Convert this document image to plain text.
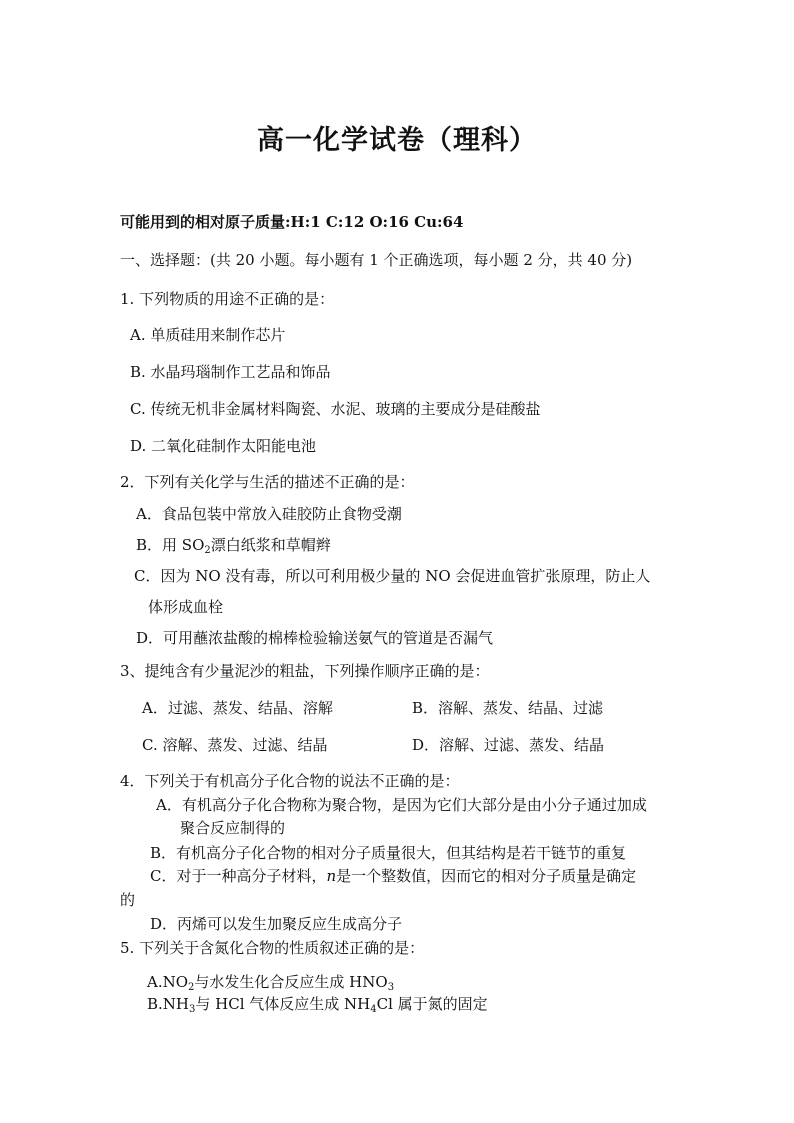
高一化学试卷（理科）
可能用到的相对原子质量:H:1 C:12 O:16 Cu:64
一、选择题：(共 20 小题。每小题有 1 个正确选项，每小题 2 分，共 40 分)
1. 下列物质的用途不正确的是：
A. 单质硅用来制作芯片
B. 水晶玛瑙制作工艺品和饰品
C. 传统无机非金属材料陶瓷、水泥、玻璃的主要成分是硅酸盐
D. 二氧化硅制作太阳能电池
2．下列有关化学与生活的描述不正确的是：
A．食品包装中常放入硅胶防止食物受潮
B．用 $SO_2$漂白纸浆和草帽辫
C．因为 NO 没有毒，所以可利用极少量的 NO 会促进血管扩张原理，防止人
体形成血栓
D．可用蘸浓盐酸的棉棒检验输送氨气的管道是否漏气
3、提纯含有少量泥沙的粗盐，下列操作顺序正确的是：
A．过滤、蒸发、结晶、溶解	B．溶解、蒸发、结晶、过滤
C. 溶解、蒸发、过滤、结晶	D．溶解、过滤、蒸发、结晶
4．下列关于有机高分子化合物的说法不正确的是：
A．有机高分子化合物称为聚合物，是因为它们大部分是由小分子通过加成
聚合反应制得的
B．有机高分子化合物的相对分子质量很大，但其结构是若干链节的重复
C．对于一种高分子材料，n是一个整数值，因而它的相对分子质量是确定
的
D．丙烯可以发生加聚反应生成高分子
5. 下列关于含氮化合物的性质叙述正确的是：
$A.NO_2$与水发生化合反应生成 $HNO_3$
$B.NH_3$与 HCl 气体反应生成 $NH_4Cl$ 属于氮的固定
